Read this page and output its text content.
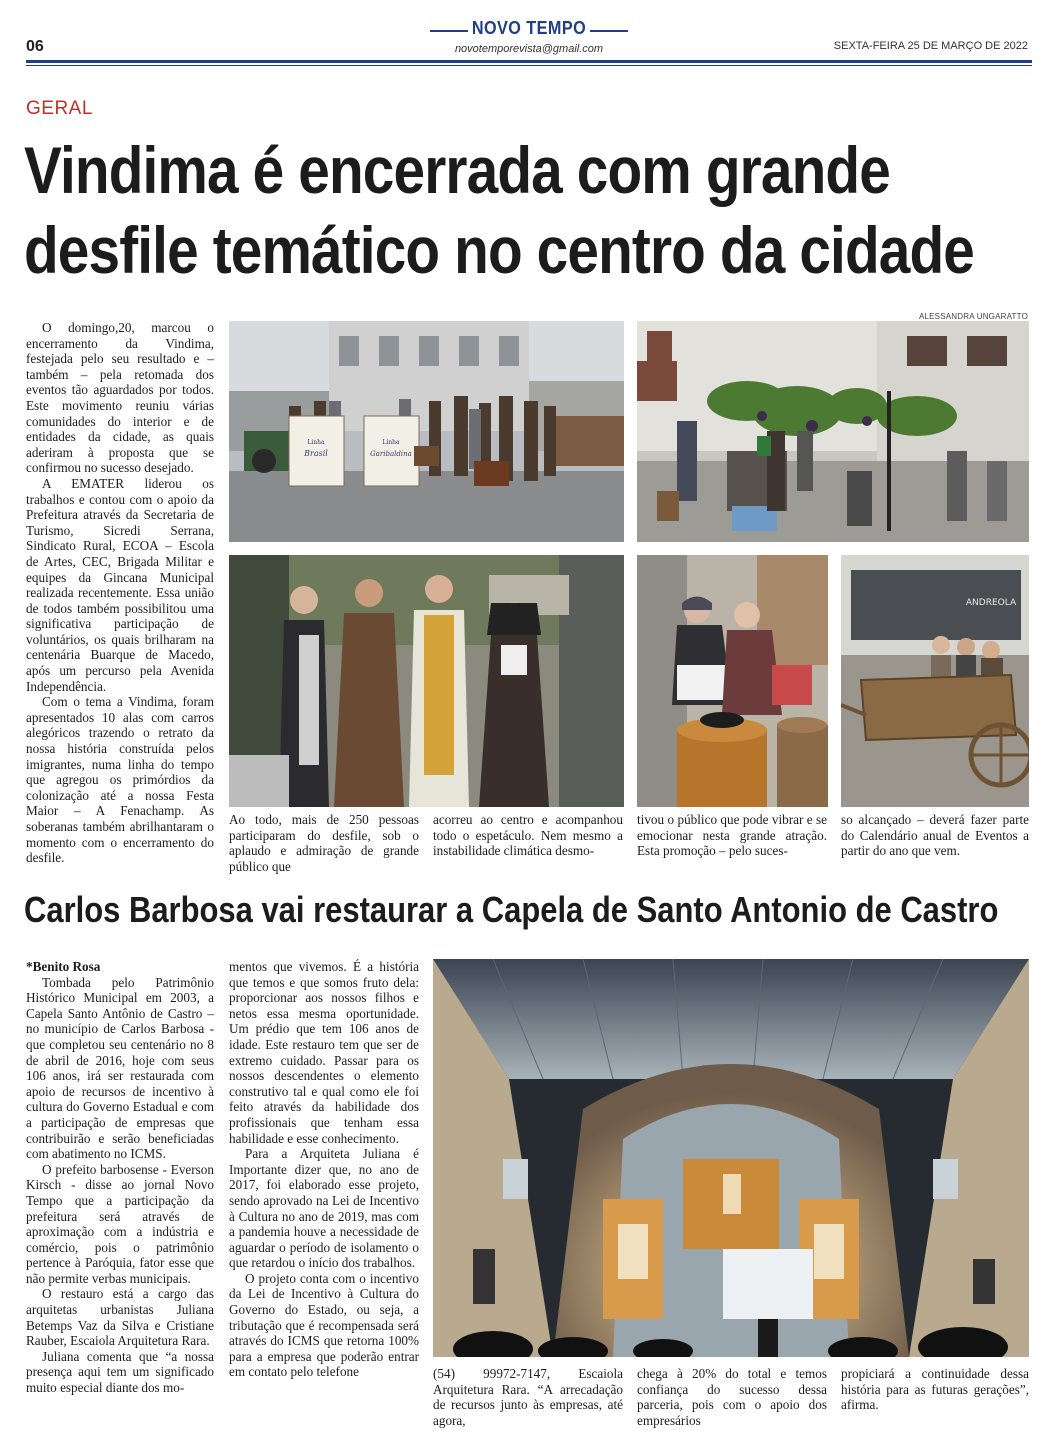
06
NOVO TEMPO
novotemporevista@gmail.com	SEXTA-FEIRA 25 DE MARÇO DE 2022
GERAL
Vindima é encerrada com grande
desfile temático no centro da cidade
ALESSANDRA UNGARATTO

O domingo,20, marcou o encerramento da Vindima, festejada pelo seu resultado e – também – pela retomada dos eventos tão aguardados por todos. Este movimento reuniu várias comunidades do interior e de entidades da cidade, as quais aderiram à proposta que se confirmou no sucesso desejado.

A EMATER liderou os trabalhos e contou com o apoio da Prefeitura através da Secretaria de Turismo, Sicredi Serrana, Sindicato Rural, ECOA – Escola de Artes, CEC, Brigada Militar e equipes da Gincana Municipal realizada recentemente. Essa união de todos também possibilitou uma significativa participação de voluntários, os quais brilharam na centenária Buarque de Macedo, após um percurso pela Avenida Independência.

Com o tema a Vindima, foram apresentados 10 alas com carros alegóricos trazendo o retrato da nossa história construída pelos imigrantes, numa linha do tempo que agregou os primórdios da colonização até a nossa Festa Maior – A Fenachamp. As soberanas também abrilhantaram o momento com o encerramento do desfile.

Brasil
Linha
Garibaldina
Linha
ANDREOLA

Ao todo, mais de 250 pessoas participaram do desfile, sob o aplaudo e admiração de grande público que

acorreu ao centro e acompanhou todo o espetáculo. Nem mesmo a instabilidade climática desmo-

tivou o público que pode vibrar e se emocionar nesta grande atração. Esta promoção – pelo suces-

so alcançado – deverá fazer parte do Calendário anual de Eventos a partir do ano que vem.

Carlos Barbosa vai restaurar a Capela de Santo Antonio de Castro

*Benito Rosa

Tombada pelo Patrimônio Histórico Municipal em 2003, a Capela Santo Antônio de Castro – no município de Carlos Barbosa - que completou seu centenário no 8 de abril de 2016, hoje com seus 106 anos, irá ser restaurada com apoio de recursos de incentivo à cultura do Governo Estadual e com a participação de empresas que contribuirão e serão beneficiadas com abatimento no ICMS.

O prefeito barbosense - Everson Kirsch - disse ao jornal Novo Tempo que a participação da prefeitura será através de aproximação com a indústria e comércio, pois o patrimônio pertence à Paróquia, fator esse que não permite verbas municipais.

O restauro está a cargo das arquitetas urbanistas Juliana Betemps Vaz da Silva e Cristiane Rauber, Escaiola Arquitetura Rara.

Juliana comenta que “a nossa presença aqui tem um significado muito especial diante dos mo-

mentos que vivemos. É a história que temos e que somos fruto dela: proporcionar aos nossos filhos e netos essa mesma oportunidade. Um prédio que tem 106 anos de idade. Este restauro tem que ser de extremo cuidado. Passar para os nossos descendentes o elemento construtivo tal e qual como ele foi feito através da habilidade dos profissionais que tenham essa habilidade e esse conhecimento.

Para a Arquiteta Juliana é Importante dizer que, no ano de 2017, foi elaborado esse projeto, sendo aprovado na Lei de Incentivo à Cultura no ano de 2019, mas com a pandemia houve a necessidade de aguardar o período de isolamento o que retardou o início dos trabalhos.

O projeto conta com o incentivo da Lei de Incentivo à Cultura do Governo do Estado, ou seja, a tributação que é recompensada será através do ICMS que retorna 100% para a empresa que poderão entrar em contato pelo telefone	(54) 99972-7147, Escaiola Arquitetura Rara. “A arrecadação de recursos junto às empresas, até agora,

chega à 20% do total e temos confiança do sucesso dessa parceria, pois com o apoio dos empresários

propiciará a continuidade dessa história para as futuras gerações”, afirma.
